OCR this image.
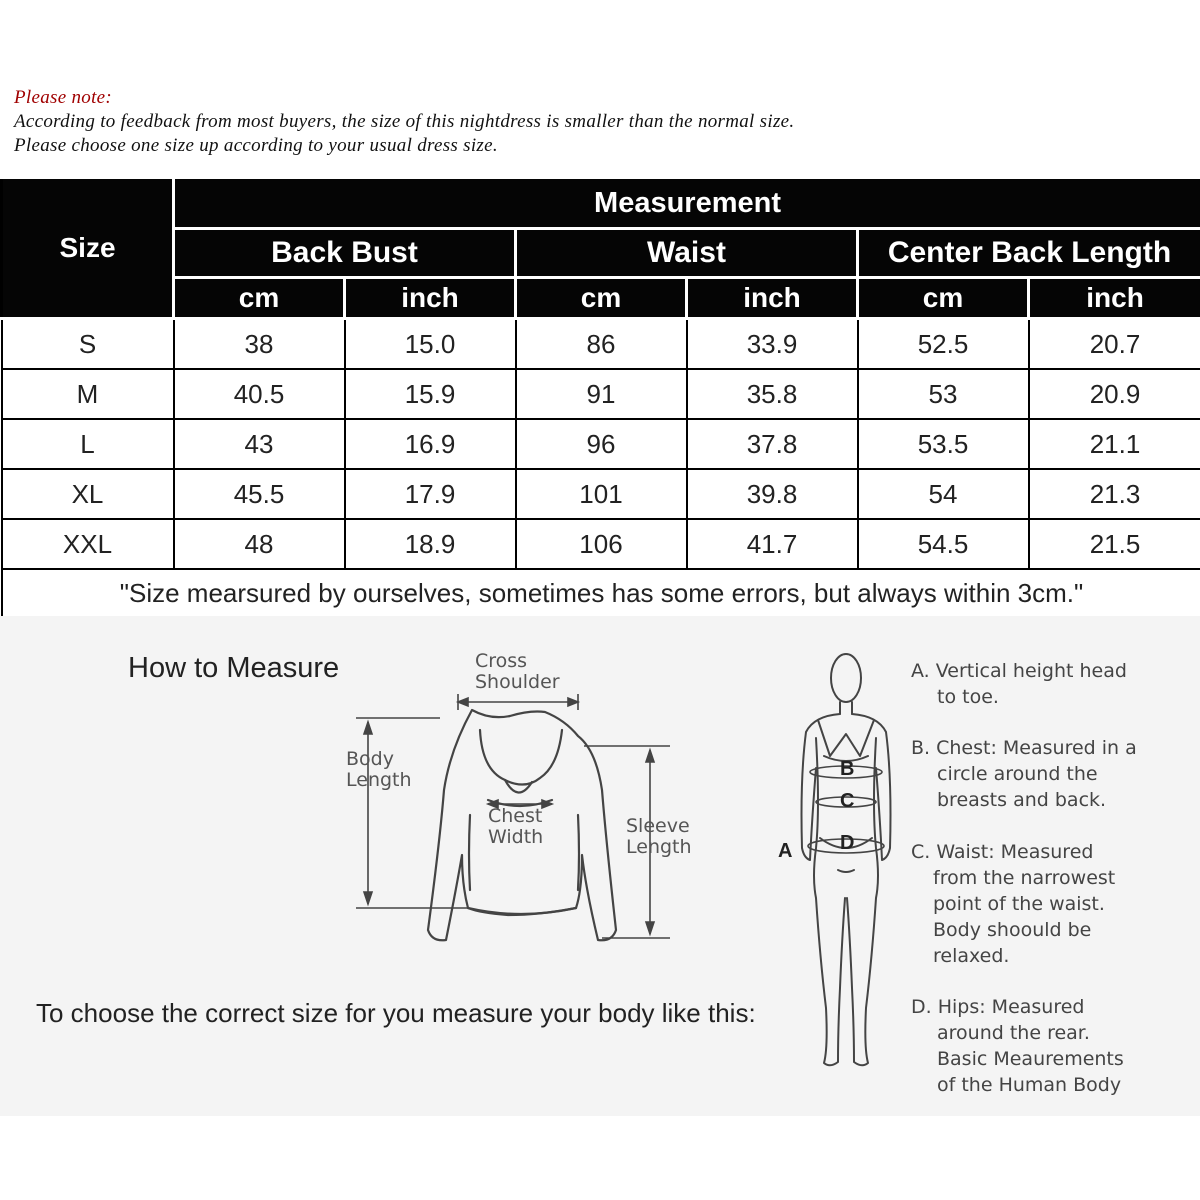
Please note:
According to feedback from most buyers, the size of this nightdress is smaller than the normal size.
Please choose one size up according to your usual dress size.
Size	Measurement					
	Back Bust		Waist		Center Back Length	
	cm	inch	cm	inch	cm	inch
S	38	15.0	86	33.9	52.5	20.7
M	40.5	15.9	91	35.8	53	20.9
L	43	16.9	96	37.8	53.5	21.1
XL	45.5	17.9	101	39.8	54	21.3
XXL	48	18.9	106	41.7	54.5	21.5
"Size mearsured by ourselves, sometimes has some errors, but always within 3cm."						
How to Measure	Cross
Shoulder
Body
Length
Chest
Width	Sleeve
Length
To choose the correct size for you measure your body like this:
A
B
C
D
A. Vertical height head
to toe.
B. Chest: Measured in a
circle around the
breasts and back.
C. Waist: Measured
from the narrowest
point of the waist.
Body shoould be
relaxed.
D. Hips: Measured
around the rear.
Basic Meaurements
of the Human Body
